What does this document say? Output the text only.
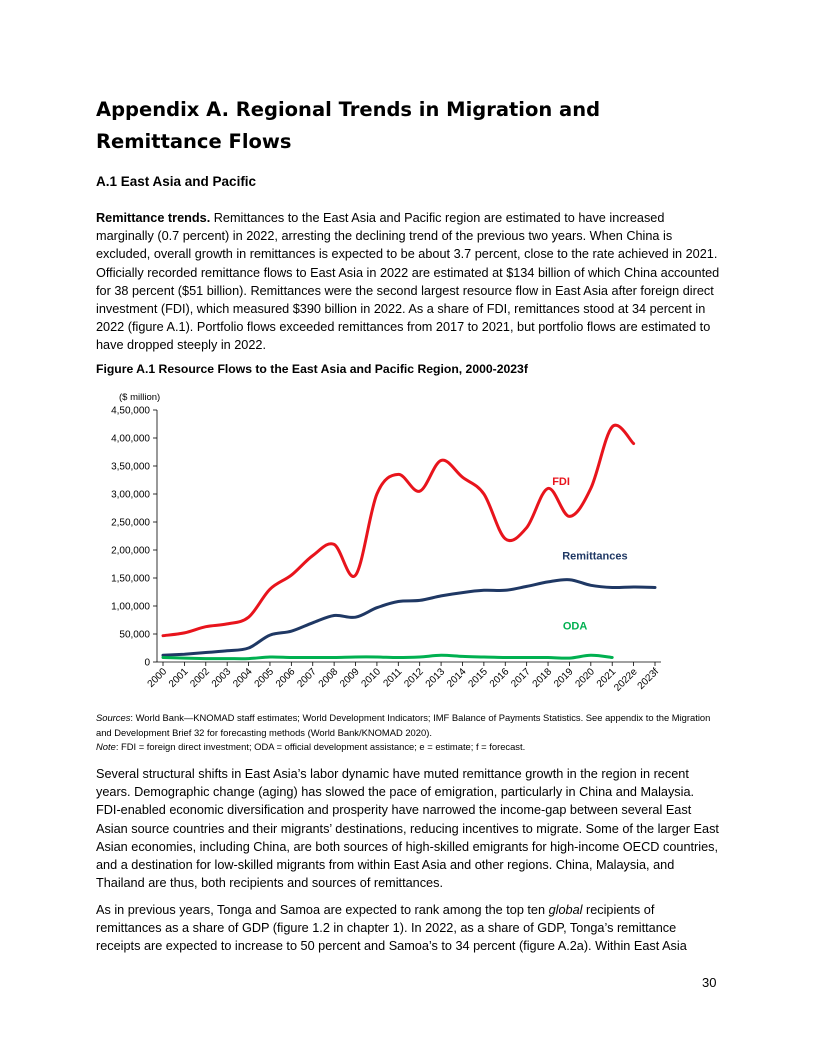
Appendix A. Regional Trends in Migration and Remittance Flows
A.1 East Asia and Pacific

Remittance trends. Remittances to the East Asia and Pacific region are estimated to have increased marginally (0.7 percent) in 2022, arresting the declining trend of the previous two years. When China is excluded, overall growth in remittances is expected to be about 3.7 percent, close to the rate achieved in 2021. Officially recorded remittance flows to East Asia in 2022 are estimated at $134 billion of which China accounted for 38 percent ($51 billion). Remittances were the second largest resource flow in East Asia after foreign direct investment (FDI), which measured $390 billion in 2022. As a share of FDI, remittances stood at 34 percent in 2022 (figure A.1). Portfolio flows exceeded remittances from 2017 to 2021, but portfolio flows are estimated to have dropped steeply in 2022.

Figure A.1 Resource Flows to the East Asia and Pacific Region, 2000-2023f

($ million)
0
50,000
1,00,000
1,50,000
2,00,000
2,50,000
3,00,000
3,50,000
4,00,000
4,50,000
2000
2001
2002
2003
2004
2005
2006
2007
2008
2009
2010
2011
2012
2013
2014
2015
2016
2017
2018
2019
2020
2021
2022e
2023f
FDI
Remittances
ODA

Sources: World Bank—KNOMAD staff estimates; World Development Indicators; IMF Balance of Payments Statistics. See appendix to the Migration and Development Brief 32 for forecasting methods (World Bank/KNOMAD 2020).
Note: FDI = foreign direct investment; ODA = official development assistance; e = estimate; f = forecast.

Several structural shifts in East Asia’s labor dynamic have muted remittance growth in the region in recent years. Demographic change (aging) has slowed the pace of emigration, particularly in China and Malaysia. FDI-enabled economic diversification and prosperity have narrowed the income-gap between several East Asian source countries and their migrants’ destinations, reducing incentives to migrate. Some of the larger East Asian economies, including China, are both sources of high-skilled emigrants for high-income OECD countries, and a destination for low-skilled migrants from within East Asia and other regions. China, Malaysia, and Thailand are thus, both recipients and sources of remittances.

As in previous years, Tonga and Samoa are expected to rank among the top ten global recipients of remittances as a share of GDP (figure 1.2 in chapter 1). In 2022, as a share of GDP, Tonga’s remittance receipts are expected to increase to 50 percent and Samoa’s to 34 percent (figure A.2a). Within East Asia

30
